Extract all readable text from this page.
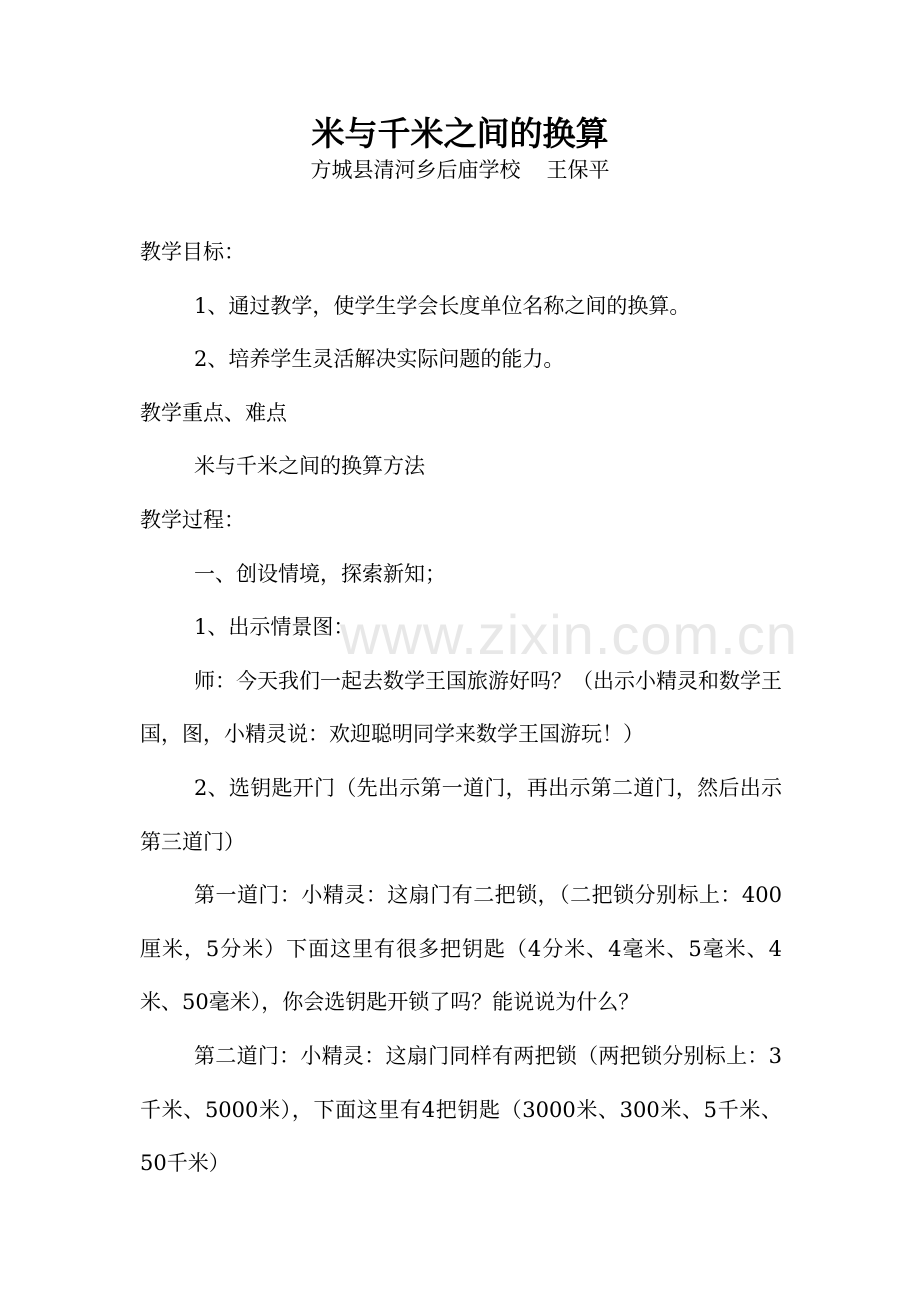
米与千米之间的换算
方城县清河乡后庙学校 王保平

教学目标：

1、通过教学，使学生学会长度单位名称之间的换算。

2、培养学生灵活解决实际问题的能力。

教学重点、难点

米与千米之间的换算方法

教学过程：

一、创设情境，探索新知；

1、出示情景图：

师：今天我们一起去数学王国旅游好吗？（出示小精灵和数学王国，图，小精灵说：欢迎聪明同学来数学王国游玩！）

2、选钥匙开门（先出示第一道门，再出示第二道门，然后出示第三道门）

第一道门：小精灵：这扇门有二把锁，（二把锁分别标上：400厘米，5分米）下面这里有很多把钥匙（4分米、4毫米、5毫米、4米、50毫米），你会选钥匙开锁了吗？能说说为什么？

第二道门：小精灵：这扇门同样有两把锁（两把锁分别标上：3千米、5000米），下面这里有4把钥匙（3000米、300米、5千米、50千米）

www.zixin.com.cn
